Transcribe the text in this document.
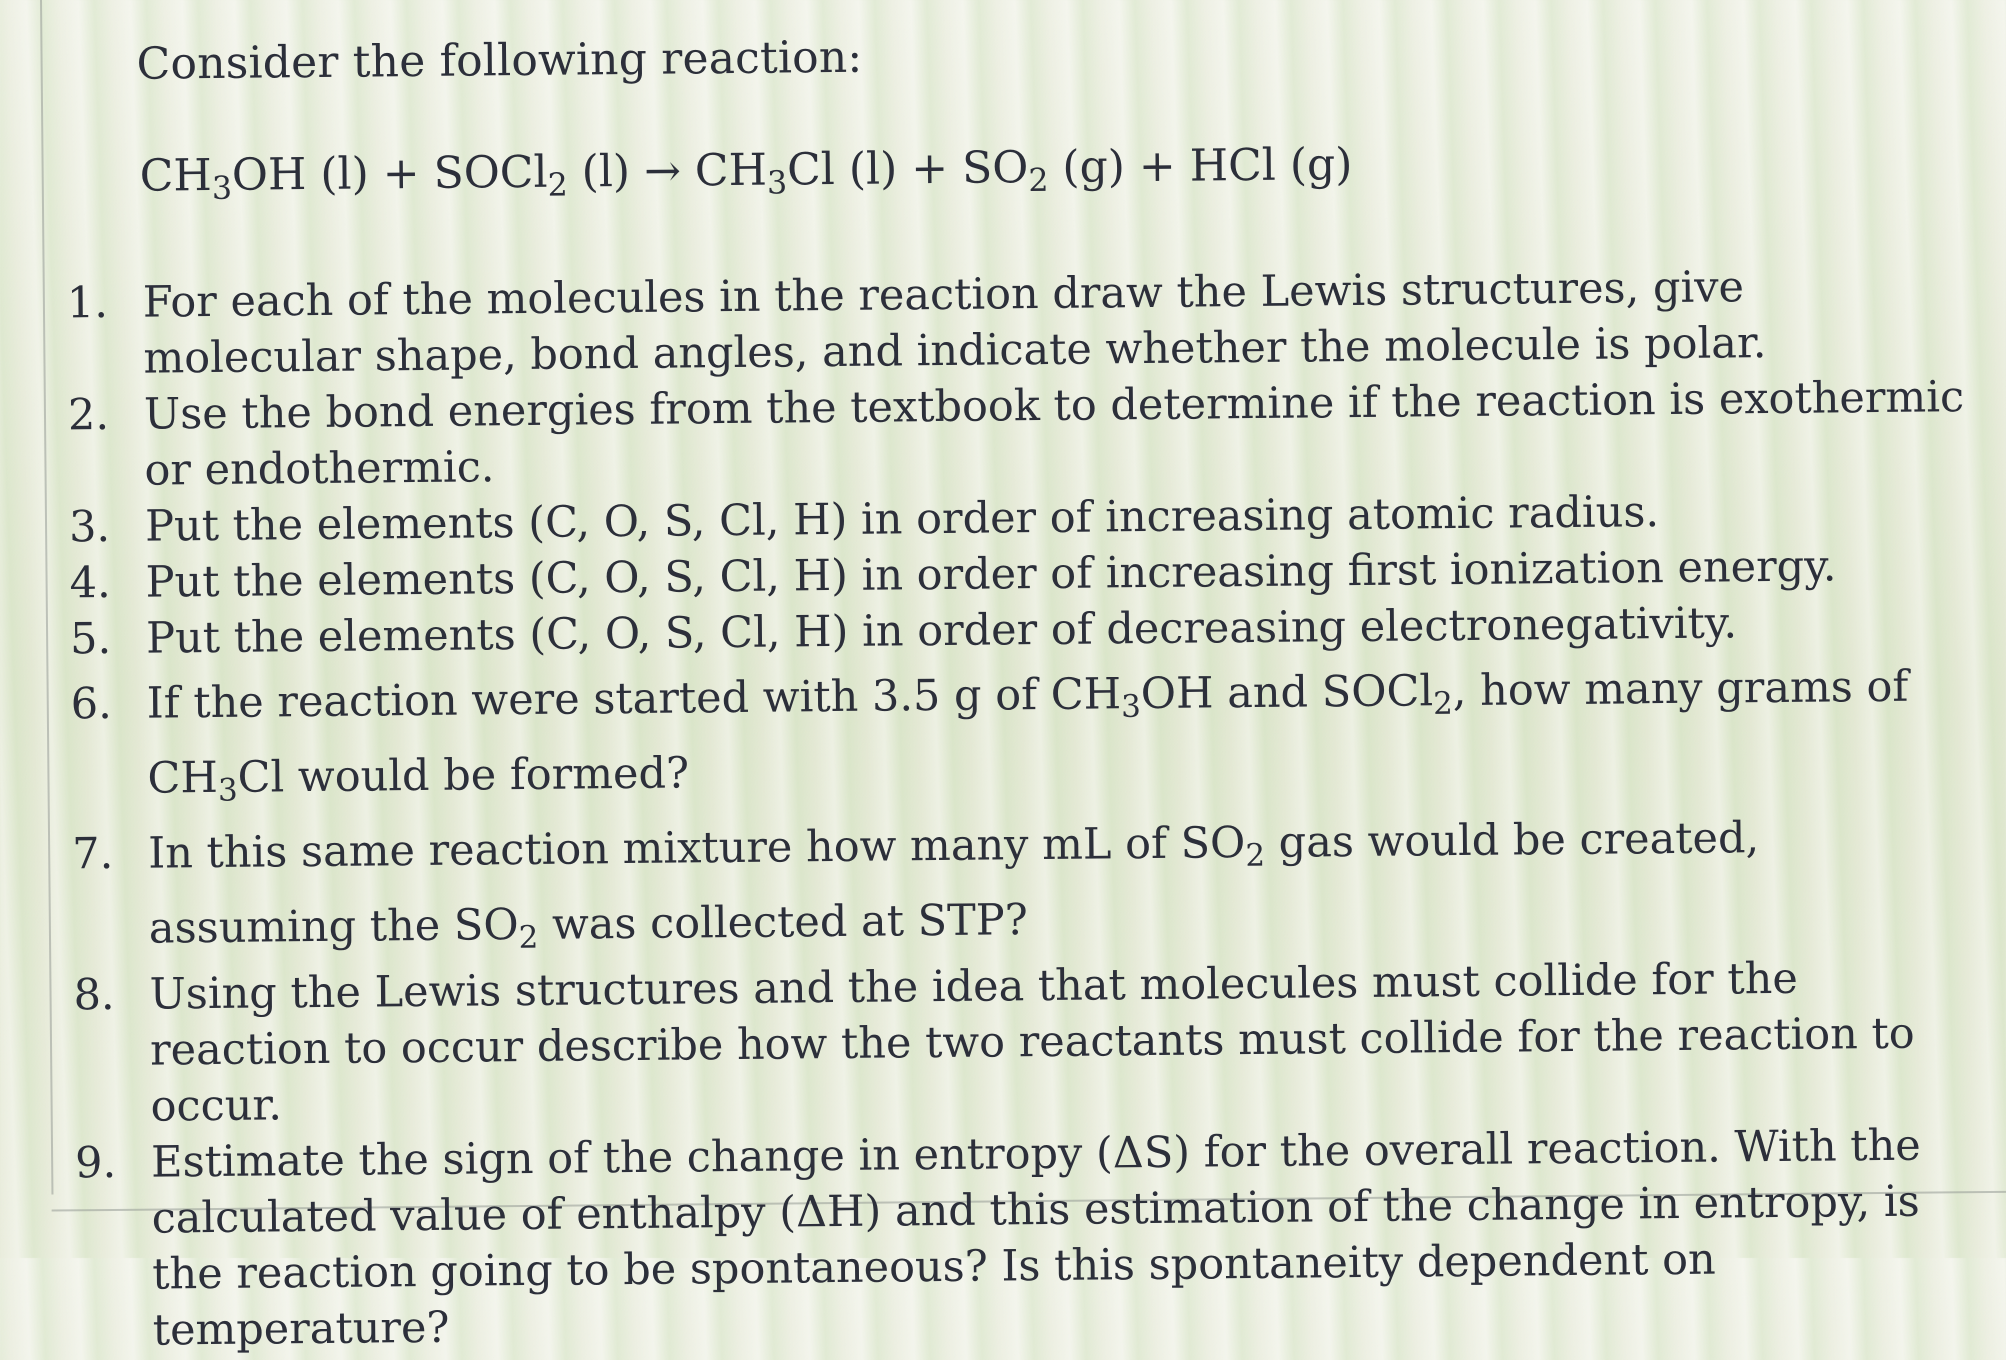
Consider the following reaction:
$CH_3OH$ (l) + SOCl$_2$ $(l) \to CH_3Cl$ $(l) + SO_2$ (g) + HCl (g)
1. For each of the molecules in the reaction draw the Lewis structures, give molecular shape, bond angles, and indicate whether the molecule is polar.
2. Use the bond energies from the textbook to determine if the reaction is exothermic or endothermic.
3. Put the elements (C, O, S, Cl, H) in order of increasing atomic radius.
4. Put the elements (C, O, S, Cl, H) in order of increasing first ionization energy.
5. Put the elements (C, O, S, Cl, H) in order of decreasing electronegativity.
6. If the reaction were started with 3.5 g of $CH_3OH$ and SOCl$_2$, how many grams of $CH_3Cl$ would be formed?
7. In this same reaction mixture how many mL of $SO_2$ gas would be created, assuming the $SO_2$ was collected at STP?
8. Using the Lewis structures and the idea that molecules must collide for the reaction to occur describe how the two reactants must collide for the reaction to occur.
9. Estimate the sign of the change in entropy (ΔS) for the overall reaction. With the calculated value of enthalpy (ΔH) and this estimation of the change in entropy, is the reaction going to be spontaneous? Is this spontaneity dependent on temperature?
